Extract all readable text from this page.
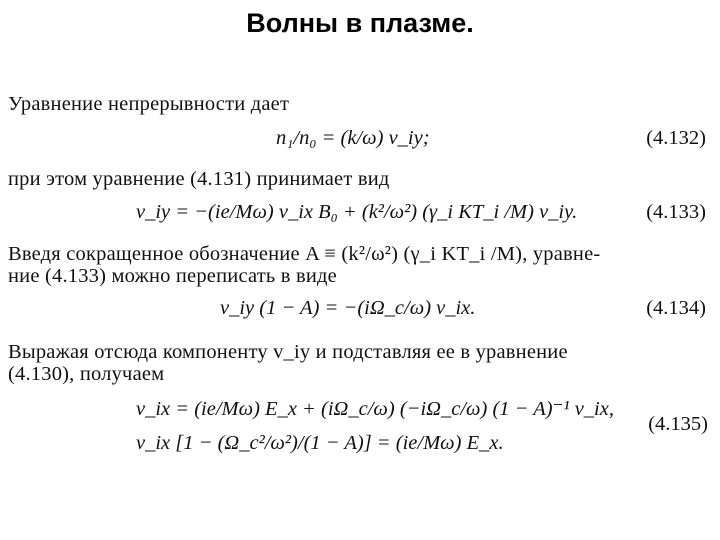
Волны в плазме.
Уравнение непрерывности дает
n₁/n₀ = (k/ω) v_iy;	(4.132)
при этом уравнение (4.131) принимает вид
v_iy = −(ie/Mω) v_ix B₀ + (k²/ω²) (γ_i KT_i /M) v_iy.	(4.133)
Введя сокращенное обозначение A ≡ (k²/ω²) (γ_i KT_i /M), уравне-
ние (4.133) можно переписать в виде
v_iy (1 − A) = −(iΩ_c/ω) v_ix.	(4.134)
Выражая отсюда компоненту v_iy и подставляя ее в уравнение
(4.130), получаем
v_ix = (ie/Mω) E_x + (iΩ_c/ω) (−iΩ_c/ω) (1 − A)⁻¹ v_ix,
v_ix [1 − (Ω_c²/ω²)/(1 − A)] = (ie/Mω) E_x.
(4.135)
